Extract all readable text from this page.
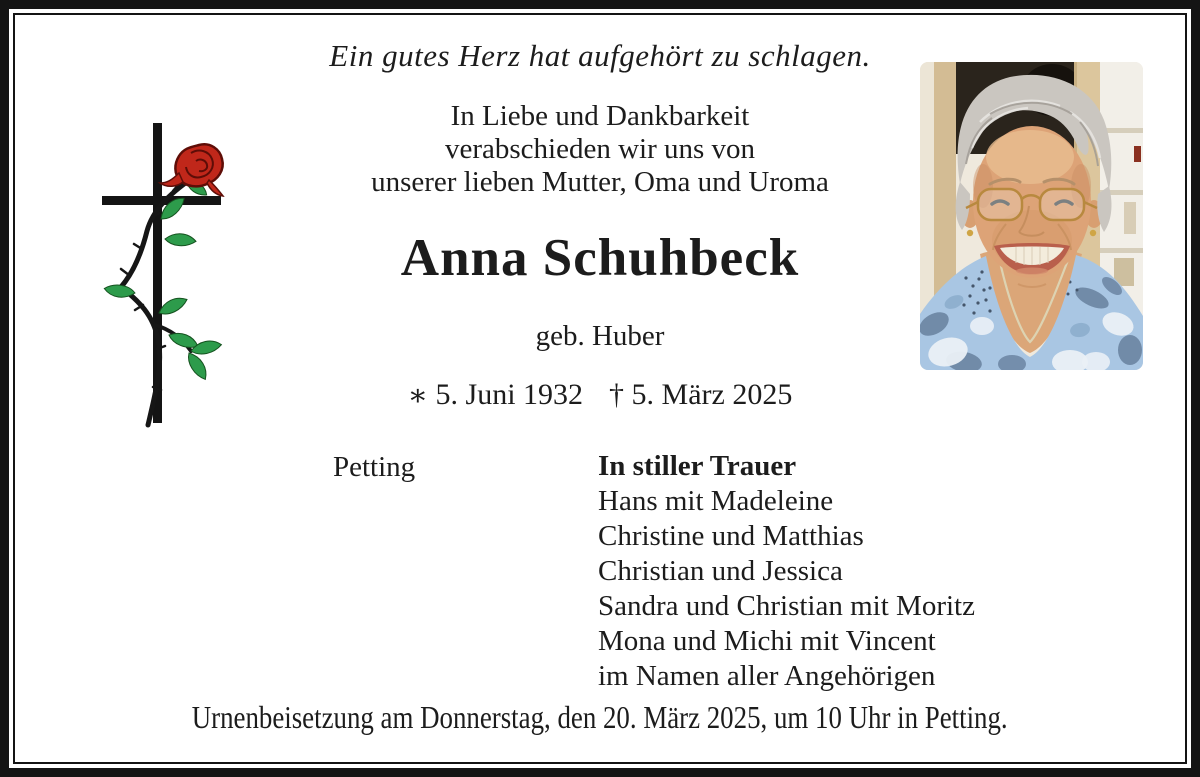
Ein gutes Herz hat aufgehört zu schlagen.
In Liebe und Dankbarkeit
verabschieden wir uns von
unserer lieben Mutter, Oma und Uroma
Anna Schuhbeck
geb. Huber
∗ 5. Juni 1932 † 5. März 2025
Petting	In stiller Trauer
Hans mit Madeleine
Christine und Matthias
Christian und Jessica
Sandra und Christian mit Moritz
Mona und Michi mit Vincent
im Namen aller Angehörigen
Urnenbeisetzung am Donnerstag, den 20. März 2025, um 10 Uhr in Petting.
